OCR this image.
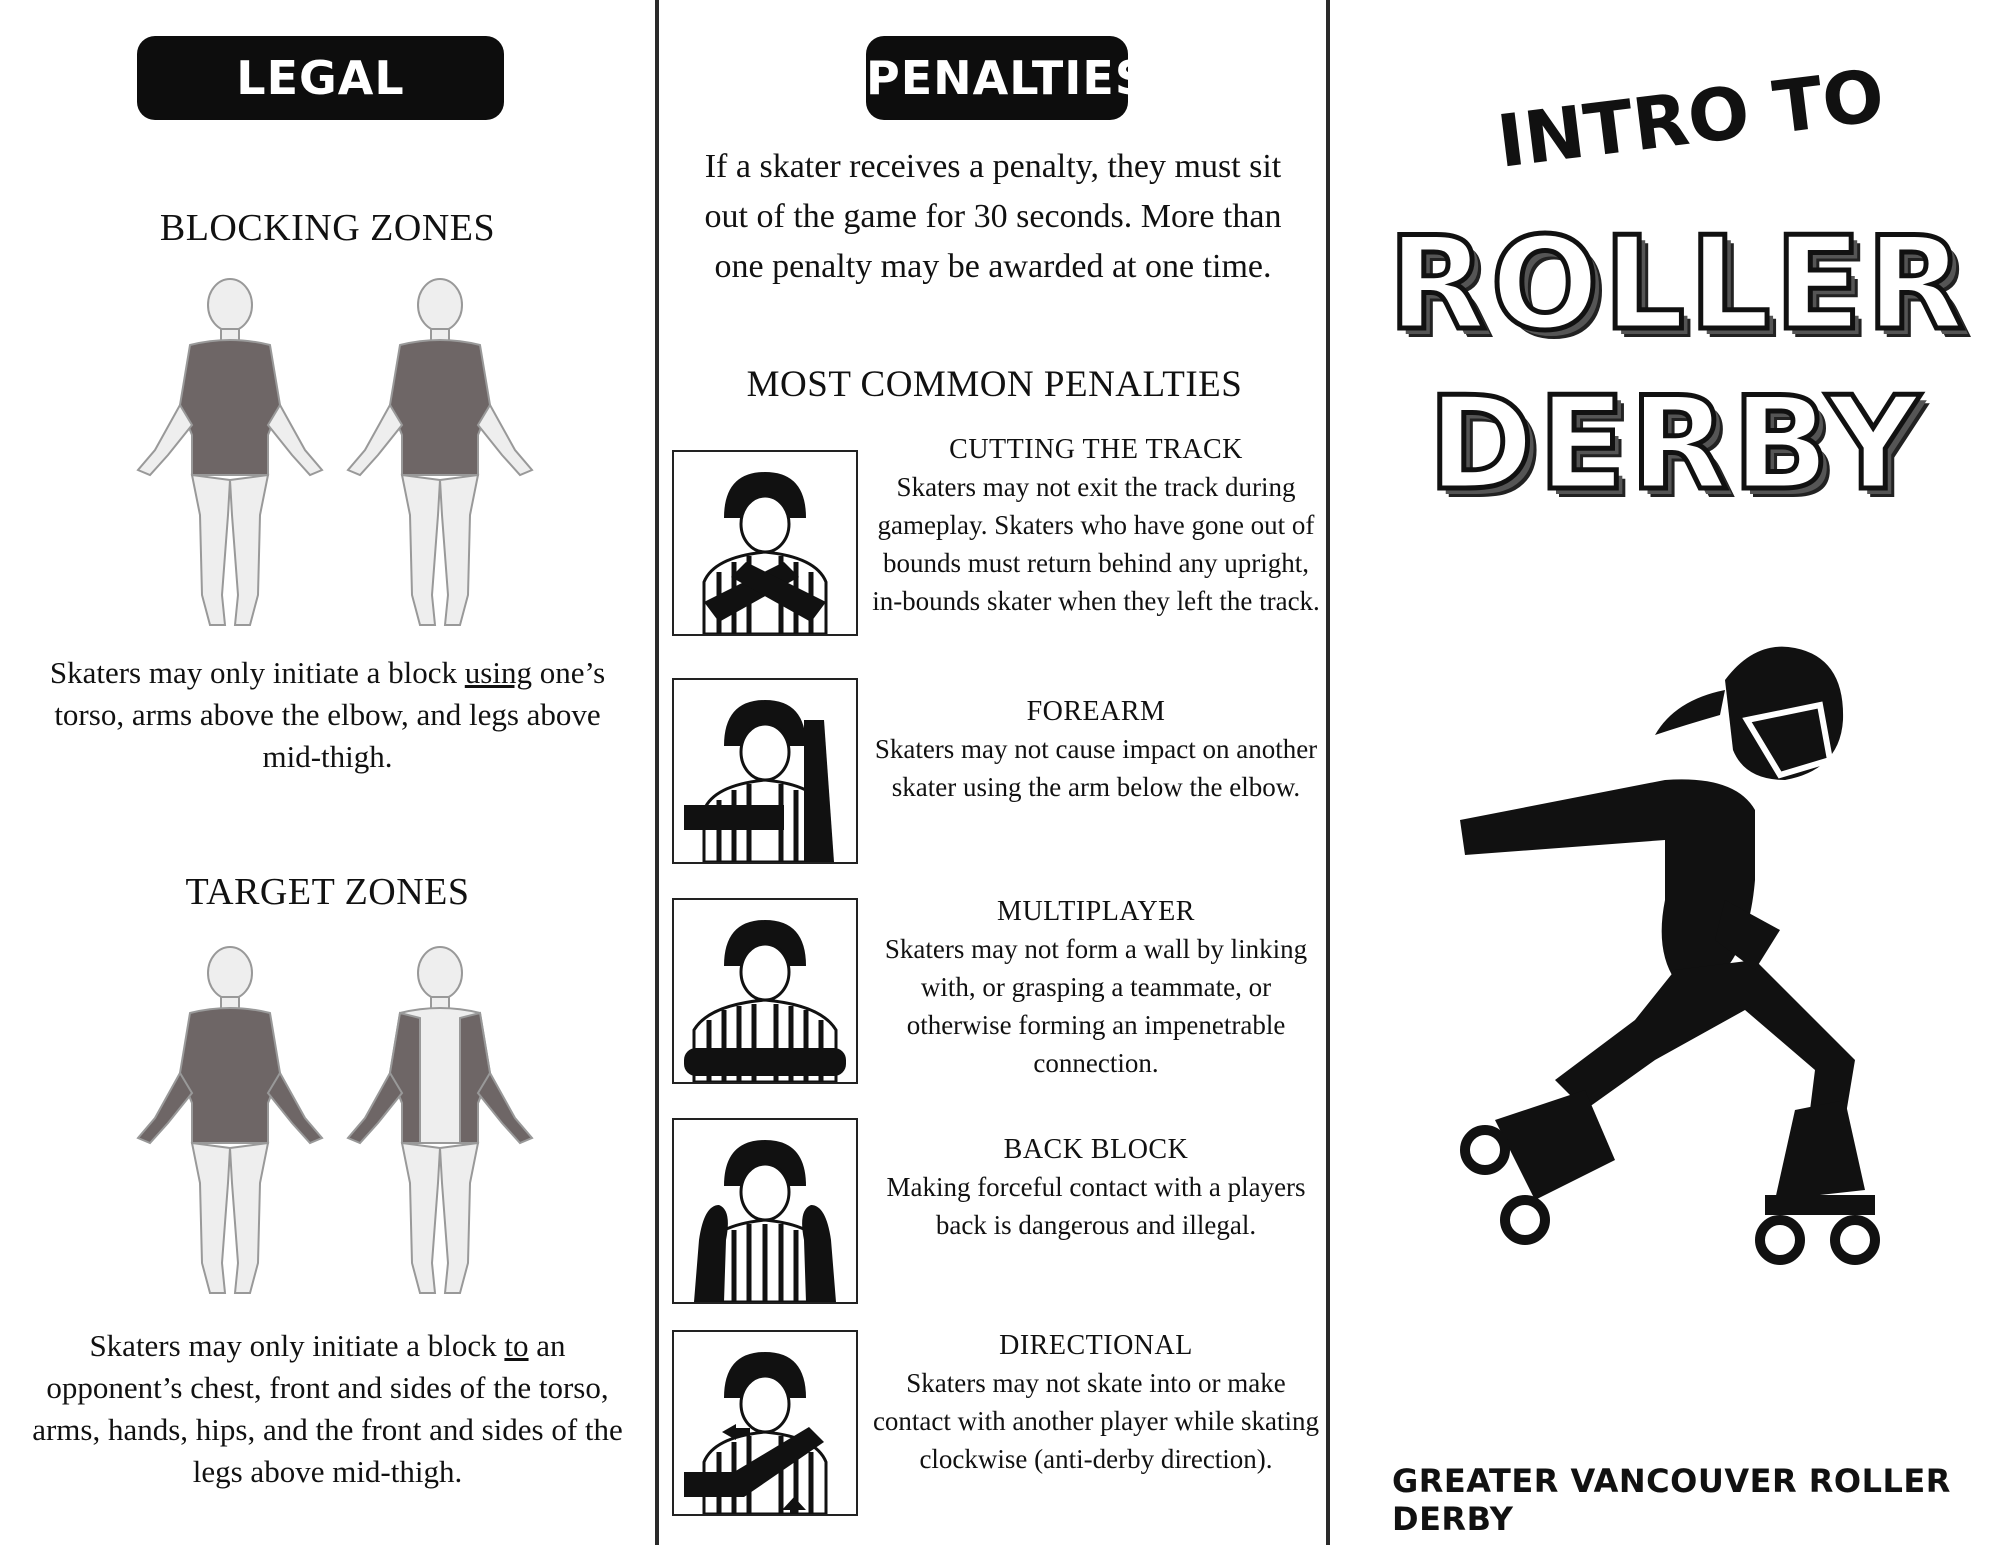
LEGAL CONTACT
BLOCKING ZONES
Skaters may only initiate a block using one’s torso, arms above the elbow, and legs above mid-thigh.
TARGET ZONES
Skaters may only initiate a block to an opponent’s chest, front and sides of the torso, arms, hands, hips, and the front and sides of the legs above mid-thigh.
PENALTIES
If a skater receives a penalty, they must sit out of the game for 30 seconds. More than one penalty may be awarded at one time.
MOST COMMON PENALTIES
CUTTING THE TRACK
Skaters may not exit the track during gameplay. Skaters who have gone out of bounds must return behind any upright, in-bounds skater when they left the track.
FOREARM
Skaters may not cause impact on another skater using the arm below the elbow.
MULTIPLAYER
Skaters may not form a wall by linking with, or grasping a teammate, or otherwise forming an impenetrable connection.
BACK BLOCK
Making forceful contact with a players back is dangerous and illegal.
DIRECTIONAL
Skaters may not skate into or make contact with another player while skating clockwise (anti-derby direction).
INTRO TO
ROLLER
DERBY
GREATER VANCOUVER ROLLER DERBY
